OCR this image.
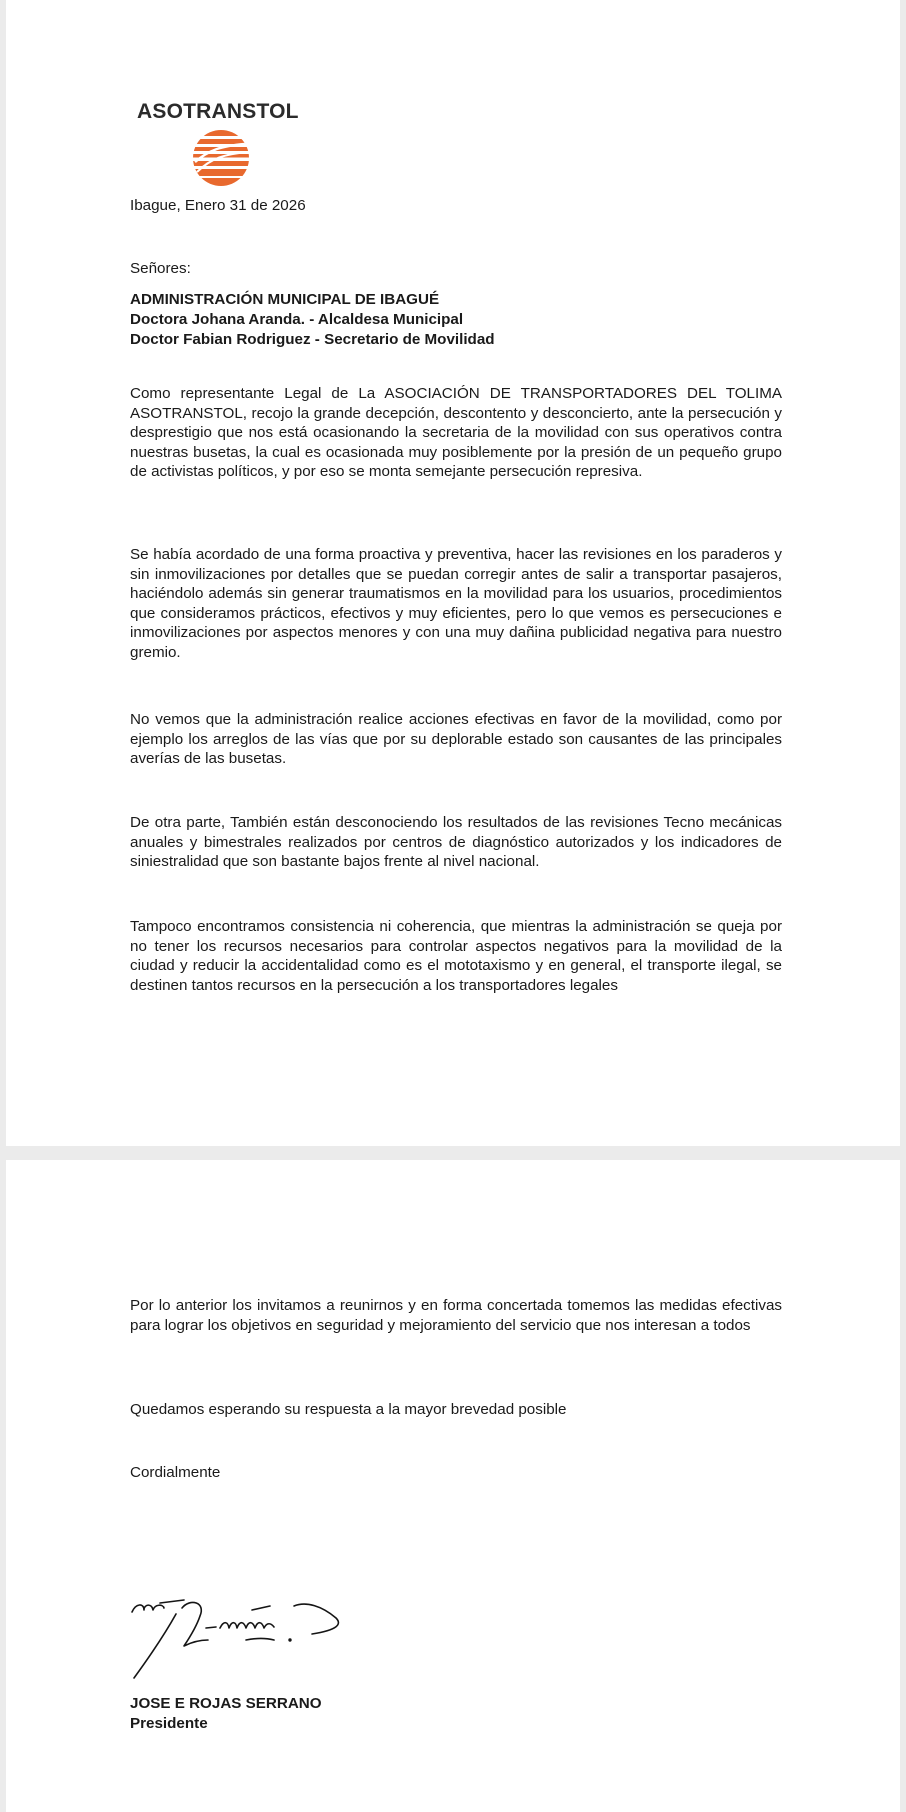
ASOTRANSTOL

Ibague, Enero 31 de 2026

Señores:

ADMINISTRACIÓN MUNICIPAL DE IBAGUÉ

Doctora Johana Aranda. - Alcaldesa Municipal

Doctor Fabian Rodriguez - Secretario de Movilidad

Como representante Legal de La ASOCIACIÓN DE TRANSPORTADORES DEL TOLIMA ASOTRANSTOL, recojo la grande decepción, descontento y desconcierto, ante la persecución y desprestigio que nos está ocasionando la secretaria de la movilidad con sus operativos contra nuestras busetas, la cual es ocasionada muy posiblemente por la presión de un pequeño grupo de activistas políticos, y por eso se monta semejante persecución represiva.

Se había acordado de una forma proactiva y preventiva, hacer las revisiones en los paraderos y sin inmovilizaciones por detalles que se puedan corregir antes de salir a transportar pasajeros, haciéndolo además sin generar traumatismos en la movilidad para los usuarios, procedimientos que consideramos prácticos, efectivos y muy eficientes, pero lo que vemos es persecuciones e inmovilizaciones por aspectos menores y con una muy dañina publicidad negativa para nuestro gremio.

No vemos que la administración realice acciones efectivas en favor de la movilidad, como por ejemplo los arreglos de las vías que por su deplorable estado son causantes de las principales averías de las busetas.

De otra parte, También están desconociendo los resultados de las revisiones Tecno mecánicas anuales y bimestrales realizados por centros de diagnóstico autorizados y los indicadores de siniestralidad que son bastante bajos frente al nivel nacional.

Tampoco encontramos consistencia ni coherencia, que mientras la administración se queja por no tener los recursos necesarios para controlar aspectos negativos para la movilidad de la ciudad y reducir la accidentalidad como es el mototaxismo y en general, el transporte ilegal, se destinen tantos recursos en la persecución a los transportadores legales

Por lo anterior los invitamos a reunirnos y en forma concertada tomemos las medidas efectivas para lograr los objetivos en seguridad y mejoramiento del servicio que nos interesan a todos

Quedamos esperando su respuesta a la mayor brevedad posible

Cordialmente

JOSE E ROJAS SERRANO

Presidente
